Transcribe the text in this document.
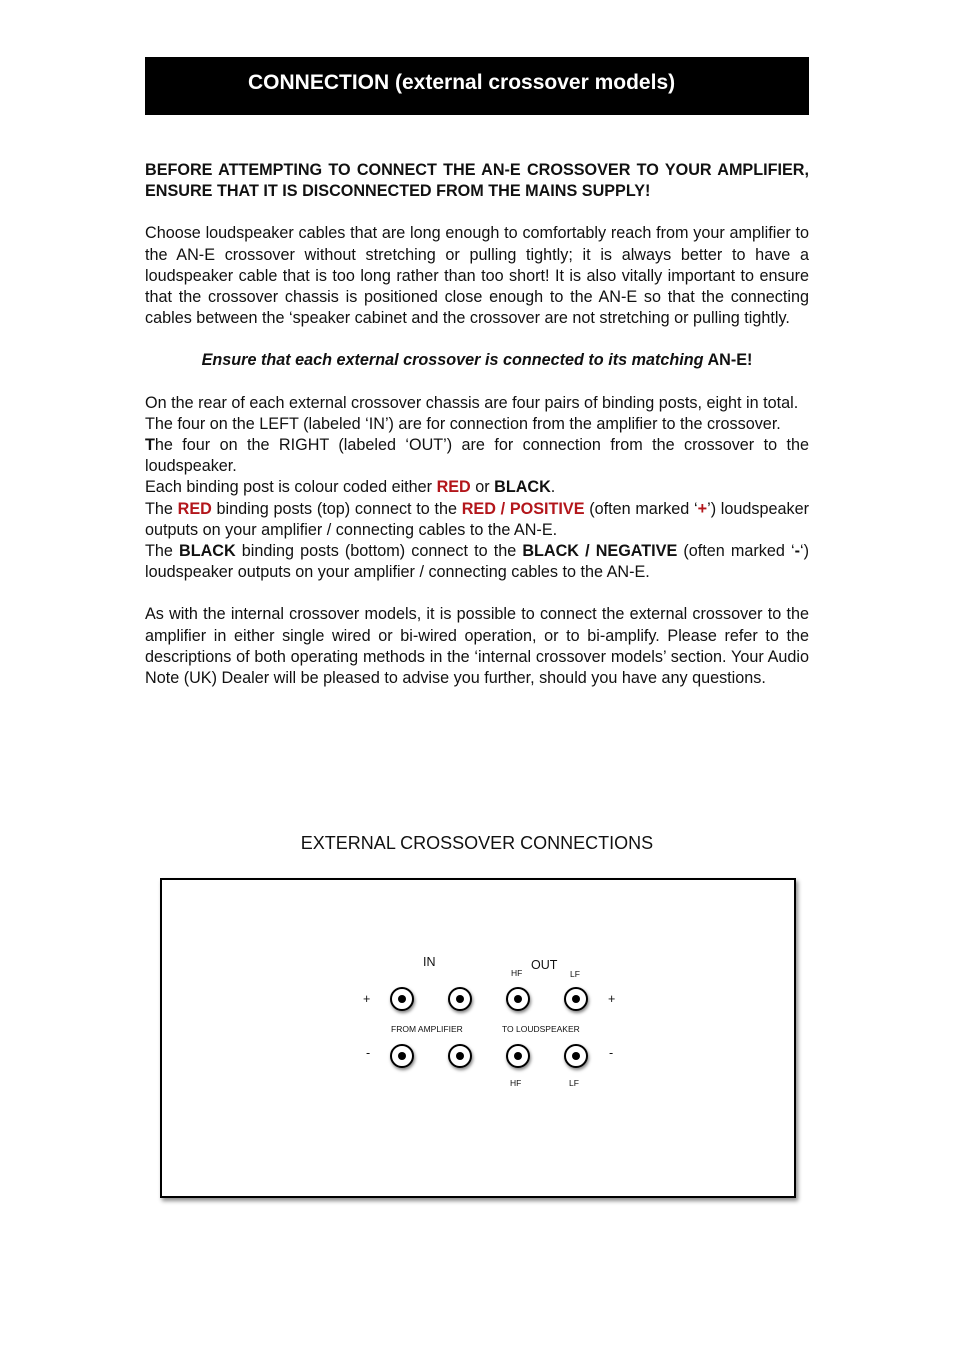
CONNECTION (external crossover models)

BEFORE ATTEMPTING TO CONNECT THE AN-E CROSSOVER TO YOUR AMPLIFIER, ENSURE THAT IT IS DISCONNECTED FROM THE MAINS SUPPLY!

Choose loudspeaker cables that are long enough to comfortably reach from your amplifier to the AN-E crossover without stretching or pulling tightly; it is always better to have a loudspeaker cable that is too long rather than too short! It is also vitally important to ensure that the crossover chassis is positioned close enough to the AN-E so that the connecting cables between the ‘speaker cabinet and the crossover are not stretching or pulling tightly.

Ensure that each external crossover is connected to its matching AN-E!

On the rear of each external crossover chassis are four pairs of binding posts, eight in total.

The four on the LEFT (labeled ‘IN’) are for connection from the amplifier to the crossover.

The four on the RIGHT (labeled ‘OUT’) are for connection from the crossover to the loudspeaker.

Each binding post is colour coded either RED or BLACK.

The RED binding posts (top) connect to the RED / POSITIVE (often marked ‘+’) loudspeaker outputs on your amplifier / connecting cables to the AN-E.

The BLACK binding posts (bottom) connect to the BLACK / NEGATIVE (often marked ‘-‘) loudspeaker outputs on your amplifier / connecting cables to the AN-E.

As with the internal crossover models, it is possible to connect the external crossover to the amplifier in either single wired or bi-wired operation, or to bi-amplify. Please refer to the descriptions of both operating methods in the ‘internal crossover models’ section. Your Audio Note (UK) Dealer will be pleased to advise you further, should you have any questions.

EXTERNAL CROSSOVER CONNECTIONS
IN	OUT
HF	LF
+	+
-	-
FROM AMPLIFIER	TO LOUDSPEAKER
HF	LF
